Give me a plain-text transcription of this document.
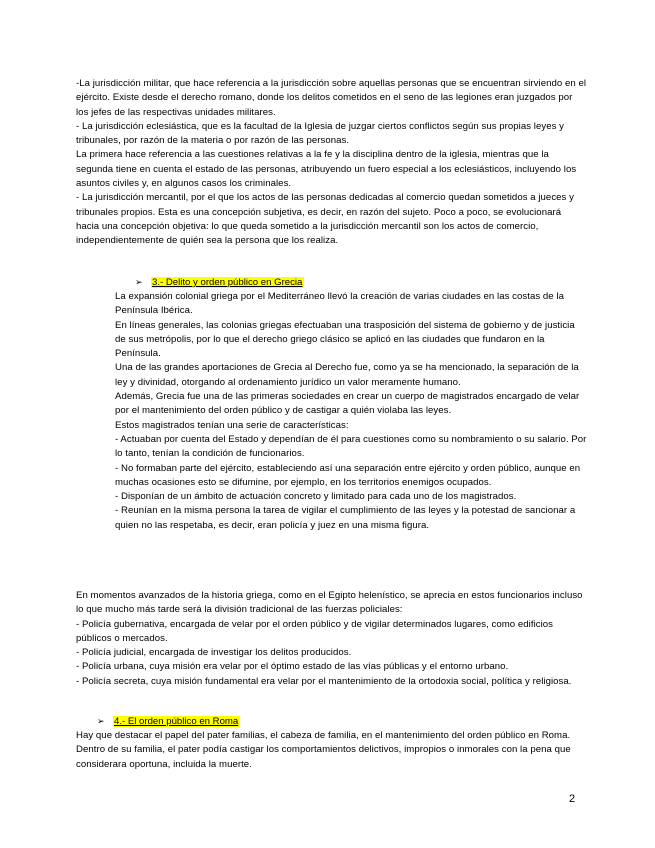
-La jurisdicción militar, que hace referencia a la jurisdicción sobre aquellas personas que se encuentran sirviendo en el ejército. Existe desde el derecho romano, donde los delitos cometidos en el seno de las legiones eran juzgados por los jefes de las respectivas unidades militares.

- La jurisdicción eclesiástica, que es la facultad de la Iglesia de juzgar ciertos conflictos según sus propias leyes y tribunales, por razón de la materia o por razón de las personas.

La primera hace referencia a las cuestiones relativas a la fe y la disciplina dentro de la iglesia, mientras que la segunda tiene en cuenta el estado de las personas, atribuyendo un fuero especial a los eclesiásticos, incluyendo los asuntos civiles y, en algunos casos los criminales.

- La jurisdicción mercantil, por el que los actos de las personas dedicadas al comercio quedan sometidos a jueces y tribunales propios. Esta es una concepción subjetiva, es decir, en razón del sujeto. Poco a poco, se evolucionará hacia una concepción objetiva: lo que queda sometido a la jurisdicción mercantil son los actos de comercio, independientemente de quién sea la persona que los realiza.

➢ 3.- Delito y orden público en Grecia

La expansión colonial griega por el Mediterráneo llevó la creación de varias ciudades en las costas de la Península Ibérica.

En líneas generales, las colonias griegas efectuaban una trasposición del sistema de gobierno y de justicia de sus metrópolis, por lo que el derecho griego clásico se aplicó en las ciudades que fundaron en la Península.

Una de las grandes aportaciones de Grecia al Derecho fue, como ya se ha mencionado, la separación de la ley y divinidad, otorgando al ordenamiento jurídico un valor meramente humano.

Además, Grecia fue una de las primeras sociedades en crear un cuerpo de magistrados encargado de velar por el mantenimiento del orden público y de castigar a quién violaba las leyes.

Estos magistrados tenían una serie de características:

- Actuaban por cuenta del Estado y dependían de él para cuestiones como su nombramiento o su salario. Por lo tanto, tenían la condición de funcionarios.

- No formaban parte del ejército, estableciendo así una separación entre ejército y orden público, aunque en muchas ocasiones esto se difumine, por ejemplo, en los territorios enemigos ocupados.

- Disponían de un ámbito de actuación concreto y limitado para cada uno de los magistrados.

- Reunían en la misma persona la tarea de vigilar el cumplimiento de las leyes y la potestad de sancionar a quien no las respetaba, es decir, eran policía y juez en una misma figura.

En momentos avanzados de la historia griega, como en el Egipto helenístico, se aprecia en estos funcionarios incluso lo que mucho más tarde será la división tradicional de las fuerzas policiales:

- Policía gubernativa, encargada de velar por el orden público y de vigilar determinados lugares, como edificios públicos o mercados.

- Policía judicial, encargada de investigar los delitos producidos.

- Policía urbana, cuya misión era velar por el óptimo estado de las vías públicas y el entorno urbano.

- Policía secreta, cuya misión fundamental era velar por el mantenimiento de la ortodoxia social, política y religiosa.

➢ 4.- El orden público en Roma

Hay que destacar el papel del pater familias, el cabeza de familia, en el mantenimiento del orden público en Roma. Dentro de su familia, el pater podía castigar los comportamientos delictivos, impropios o inmorales con la pena que considerara oportuna, incluida la muerte.

2
